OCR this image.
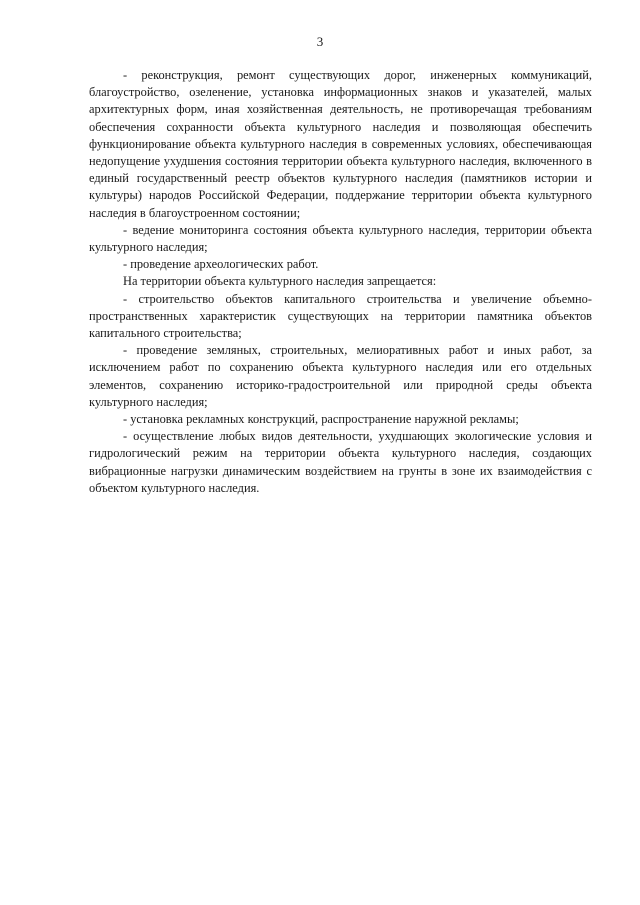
3

- реконструкция, ремонт существующих дорог, инженерных коммуникаций, благоустройство, озеленение, установка информационных знаков и указателей, малых архитектурных форм, иная хозяйственная деятельность, не противоречащая требованиям обеспечения сохранности объекта культурного наследия и позволяющая обеспечить функционирование объекта культурного наследия в современных условиях, обеспечивающая недопущение ухудшения состояния территории объекта культурного наследия, включенного в единый государственный реестр объектов культурного наследия (памятников истории и культуры) народов Российской Федерации, поддержание территории объекта культурного наследия в благоустроенном состоянии;

- ведение мониторинга состояния объекта культурного наследия, территории объекта культурного наследия;

- проведение археологических работ.

На территории объекта культурного наследия запрещается:

- строительство объектов капитального строительства и увеличение объемно-пространственных характеристик существующих на территории памятника объектов капитального строительства;

- проведение земляных, строительных, мелиоративных работ и иных работ, за исключением работ по сохранению объекта культурного наследия или его отдельных элементов, сохранению историко-градостроительной или природной среды объекта культурного наследия;

- установка рекламных конструкций, распространение наружной рекламы;

- осуществление любых видов деятельности, ухудшающих экологические условия и гидрологический режим на территории объекта культурного наследия, создающих вибрационные нагрузки динамическим воздействием на грунты в зоне их взаимодействия с объектом культурного наследия.
